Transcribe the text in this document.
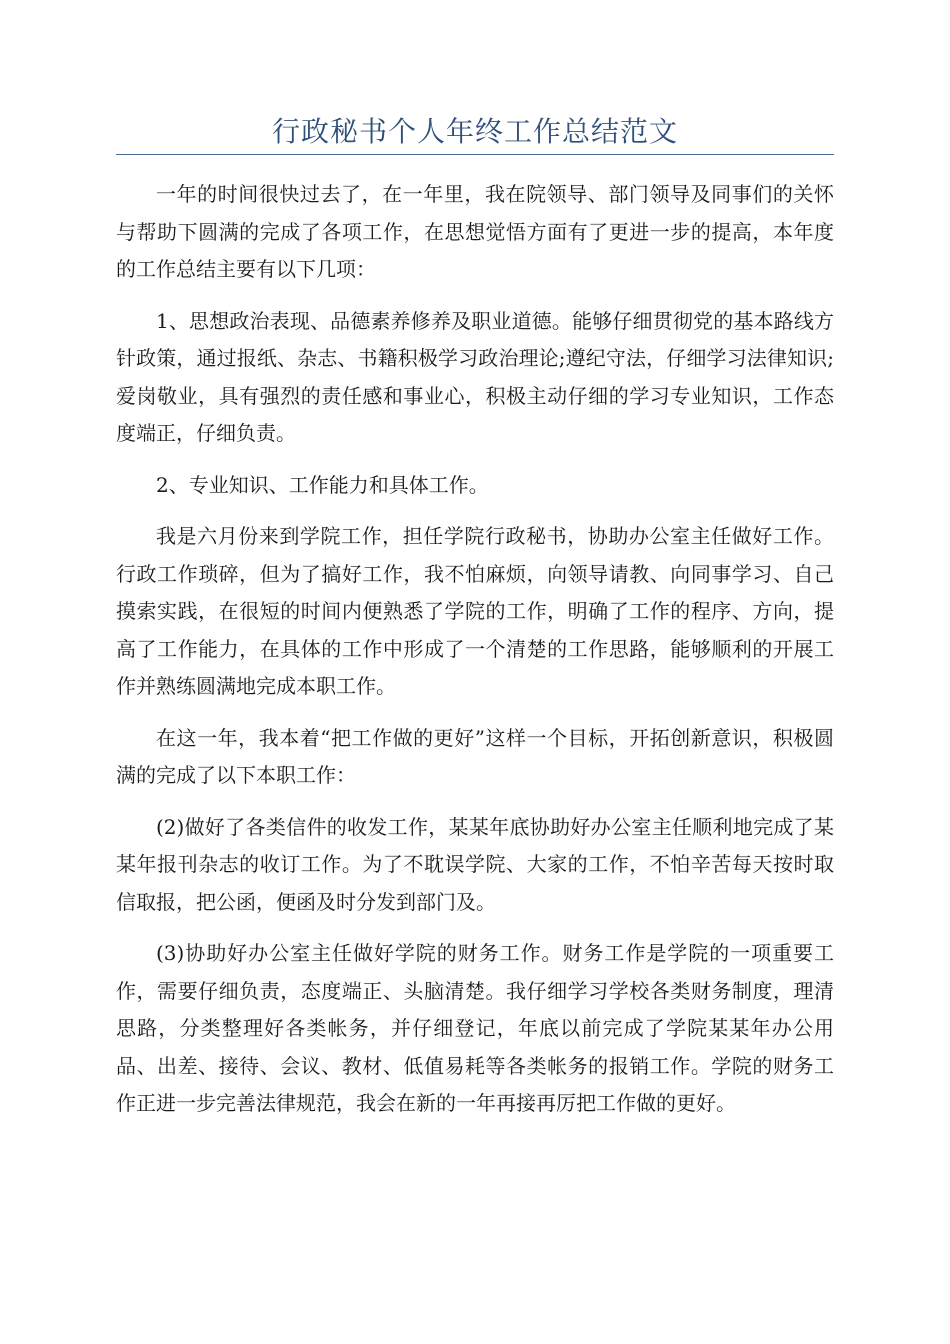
行政秘书个人年终工作总结范文

一年的时间很快过去了，在一年里，我在院领导、部门领导及同事们的关怀与帮助下圆满的完成了各项工作，在思想觉悟方面有了更进一步的提高，本年度的工作总结主要有以下几项：

1、思想政治表现、品德素养修养及职业道德。能够仔细贯彻党的基本路线方针政策，通过报纸、杂志、书籍积极学习政治理论;遵纪守法，仔细学习法律知识;爱岗敬业，具有强烈的责任感和事业心，积极主动仔细的学习专业知识，工作态度端正，仔细负责。

2、专业知识、工作能力和具体工作。

我是六月份来到学院工作，担任学院行政秘书，协助办公室主任做好工作。行政工作琐碎，但为了搞好工作，我不怕麻烦，向领导请教、向同事学习、自己摸索实践，在很短的时间内便熟悉了学院的工作，明确了工作的程序、方向，提高了工作能力，在具体的工作中形成了一个清楚的工作思路，能够顺利的开展工作并熟练圆满地完成本职工作。

在这一年，我本着“把工作做的更好”这样一个目标，开拓创新意识，积极圆满的完成了以下本职工作：

(2)做好了各类信件的收发工作，某某年底协助好办公室主任顺利地完成了某某年报刊杂志的收订工作。为了不耽误学院、大家的工作，不怕辛苦每天按时取信取报，把公函，便函及时分发到部门及。

(3)协助好办公室主任做好学院的财务工作。财务工作是学院的一项重要工作，需要仔细负责，态度端正、头脑清楚。我仔细学习学校各类财务制度，理清思路，分类整理好各类帐务，并仔细登记，年底以前完成了学院某某年办公用品、出差、接待、会议、教材、低值易耗等各类帐务的报销工作。学院的财务工作正进一步完善法律规范，我会在新的一年再接再厉把工作做的更好。
